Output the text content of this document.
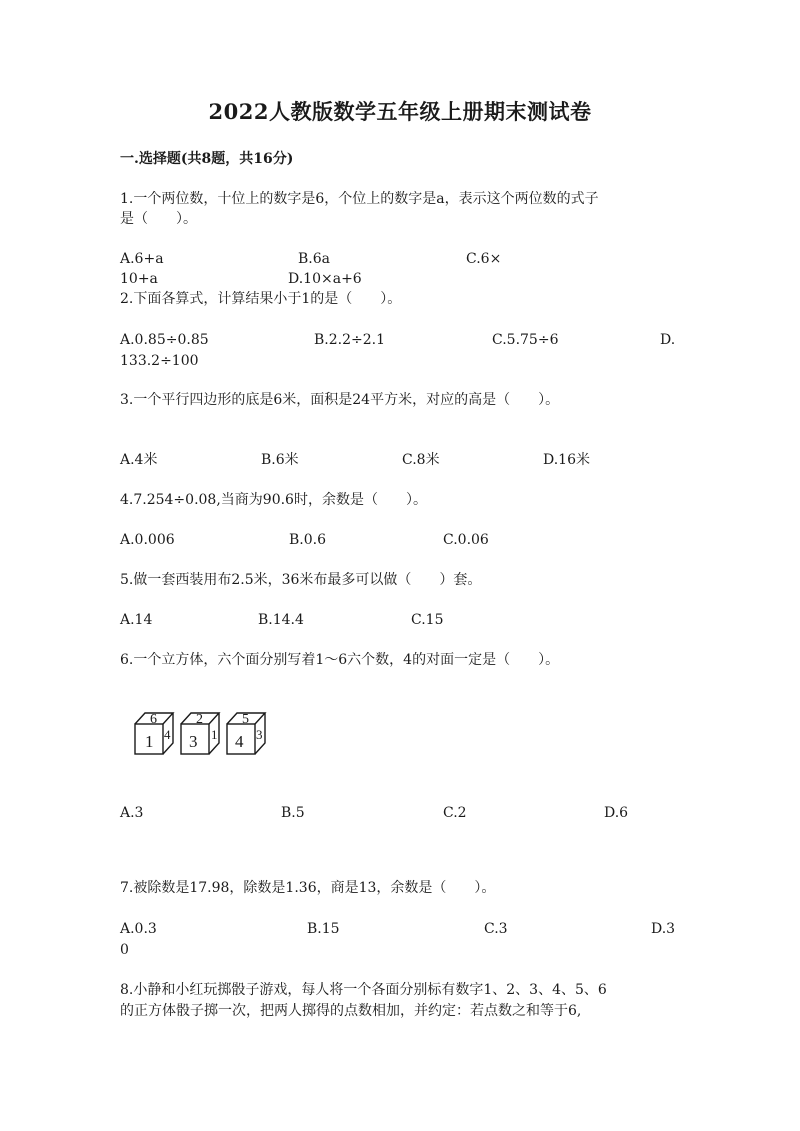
2022人教版数学五年级上册期末测试卷
一.选择题(共8题，共16分)
1.一个两位数，十位上的数字是6，个位上的数字是a，表示这个两位数的式子
是（　　）。
A.6+a	B.6a	C.6×
10+a	D.10×a+6
2.下面各算式，计算结果小于1的是（　　）。
A.0.85÷0.85	B.2.2÷2.1	C.5.75÷6	D.
133.2÷100
3.一个平行四边形的底是6米，面积是24平方米，对应的高是（　　）。
A.4米	B.6米	C.8米	D.16米
4.7.254÷0.08,当商为90.6时，余数是（　　）。
A.0.006	B.0.6	C.0.06
5.做一套西装用布2.5米，36米布最多可以做（　　）套。
A.14	B.14.4	C.15
6.一个立方体，六个面分别写着1～6六个数，4的对面一定是（　　）。
1
6
4 3
2
1 4
5
3
A.3	B.5	C.2	D.6
7.被除数是17.98，除数是1.36，商是13，余数是（　　）。
A.0.3	B.15	C.3	D.3
0
8.小静和小红玩掷骰子游戏，每人将一个各面分别标有数字1、2、3、4、5、6
的正方体骰子掷一次，把两人掷得的点数相加，并约定：若点数之和等于6,
